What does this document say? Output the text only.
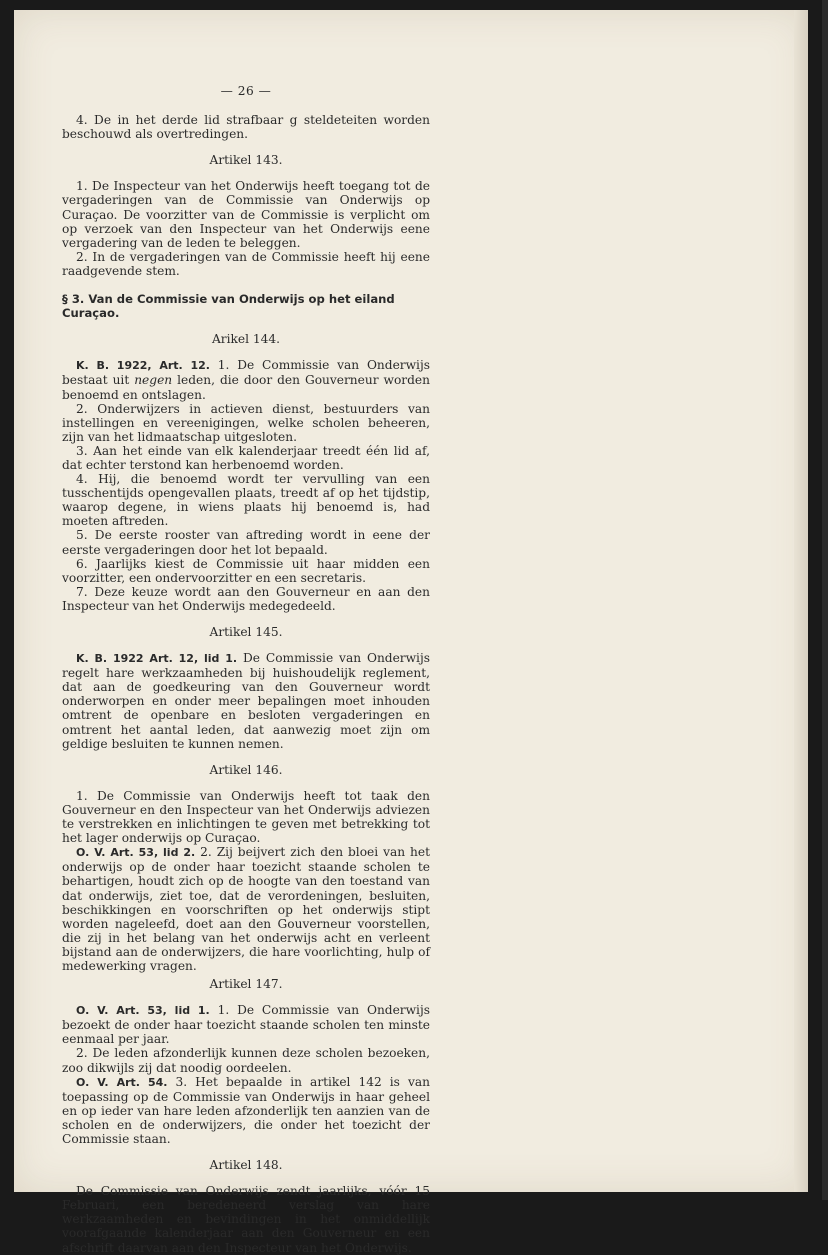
— 26 —

4. De in het derde lid strafbaar g steldeteiten worden beschouwd als overtredingen.

Artikel 143.

1. De Inspecteur van het Onderwijs heeft toegang tot de vergaderingen van de Commissie van Onderwijs op Curaçao. De voorzitter van de Commissie is verplicht om op verzoek van den Inspecteur van het Onderwijs eene vergadering van de leden te beleggen.

2. In de vergaderingen van de Commissie heeft hij eene raadgevende stem.

§ 3. Van de Commissie van Onderwijs op het eiland Curaçao.
Arikel 144.

K. B. 1922, Art. 12. 1. De Commissie van Onderwijs bestaat uit negen leden, die door den Gouverneur worden benoemd en ontslagen.

2. Onderwijzers in actieven dienst, bestuurders van instellingen en vereenigingen, welke scholen beheeren, zijn van het lidmaatschap uitgesloten.

3. Aan het einde van elk kalenderjaar treedt één lid af, dat echter terstond kan herbenoemd worden.

4. Hij, die benoemd wordt ter vervulling van een tusschentijds opengevallen plaats, treedt af op het tijdstip, waarop degene, in wiens plaats hij benoemd is, had moeten aftreden.

5. De eerste rooster van aftreding wordt in eene der eerste vergaderingen door het lot bepaald.

6. Jaarlijks kiest de Commissie uit haar midden een voorzitter, een ondervoorzitter en een secretaris.

7. Deze keuze wordt aan den Gouverneur en aan den Inspecteur van het Onderwijs medegedeeld.

Artikel 145.

K. B. 1922 Art. 12, lid 1. De Commissie van Onderwijs regelt hare werkzaamheden bij huishoudelijk reglement, dat aan de goedkeuring van den Gouverneur wordt onderworpen en onder meer bepalingen moet inhouden omtrent de openbare en besloten vergaderingen en omtrent het aantal leden, dat aanwezig moet zijn om geldige besluiten te kunnen nemen.

Artikel 146.

1. De Commissie van Onderwijs heeft tot taak den Gouverneur en den Inspecteur van het Onderwijs adviezen te verstrekken en inlichtingen te geven met betrekking tot het lager onderwijs op Curaçao.

O. V. Art. 53, lid 2. 2. Zij beijvert zich den bloei van het onderwijs op de onder haar toezicht staande scholen te behartigen, houdt zich op de hoogte van den toestand van dat onderwijs, ziet toe, dat de verordeningen, besluiten, beschikkingen en voorschriften op het onderwijs stipt worden nageleefd, doet aan den Gouverneur voorstellen, die zij in het belang van het onderwijs acht en verleent bijstand aan de onderwijzers, die hare voorlichting, hulp of medewerking vragen.

Artikel 147.

O. V. Art. 53, lid 1. 1. De Commissie van Onderwijs bezoekt de onder haar toezicht staande scholen ten minste eenmaal per jaar.

2. De leden afzonderlijk kunnen deze scholen bezoeken, zoo dikwijls zij dat noodig oordeelen.

O. V. Art. 54. 3. Het bepaalde in artikel 142 is van toepassing op de Commissie van Onderwijs in haar geheel en op ieder van hare leden afzonderlijk ten aanzien van de scholen en de onderwijzers, die onder het toezicht der Commissie staan.

Artikel 148.

De Commissie van Onderwijs zendt jaarlijks, vóór 15 Februari, een beredeneerd verslag van hare werkzaamheden en bevindingen in het onmiddellijk voorafgaande kalenderjaar aan den Gouverneur en een afschrift daarvan aan den Inspecteur van het Onderwijs.
